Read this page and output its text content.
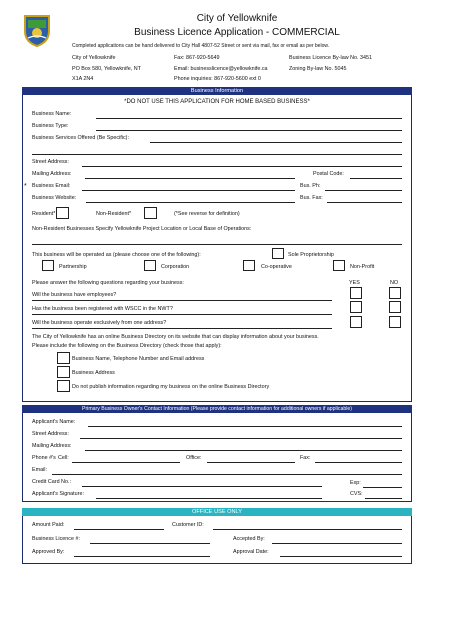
City of Yellowknife
Business Licence Application - COMMERCIAL
Completed applications can be hand delivered to City Hall 4807-52 Street or sent via mail, fax or email as per below.
City of Yellowknife
PO Box 580, Yellowknife, NT
X1A 2N4
Fax: 867-920-5649
Email: businesslicence@yellowknife.ca
Phone inquiries: 867-920-5600 ext 0
Business Licence By-law No. 3451
Zoning By-law No. 5045
Business Information
*DO NOT USE THIS APPLICATION FOR HOME BASED BUSINESS*
Business Name:
Business Type:
Business Services Offered (Be Specific):
Street Address:
Mailing Address:	Postal Code:
* Business Email:	Bus. Ph:
Business Website:	Bus. Fax:
Resident*	Non-Resident*	(*See reverse for definition)
Non-Resident Businesses Specify Yellowknife Project Location or Local Base of Operations:
This business will be operated as (please choose one of the following):	Sole Proprietorship
Partnership	Corporation	Co-operative	Non-Profit
Please answer the following questions regarding your business:	YES	NO
Will the business have employees?
Has the business been registered with WSCC in the NWT?
Will the business operate exclusively from one address?
The City of Yellowknife has an online Business Directory on its website that can display information about your business.
Please include the following on the Business Directory (check those that apply):
Business Name, Telephone Number and Email address
Business Address
Do not publish information regarding my business on the online Business Directory
Primary Business Owner's Contact Information (Please provide contact information for additional owners if applicable)
Applicant's Name:
Street Address:
Mailing Address:
Phone #'s Cell:	Office:	Fax:
Email:
Credit Card No.:	Exp:
Applicant's Signature:	CVS:
OFFICE USE ONLY
Amount Paid:	Customer ID:
Business Licence #:	Accepted By:
Approved By:	Approval Date:
